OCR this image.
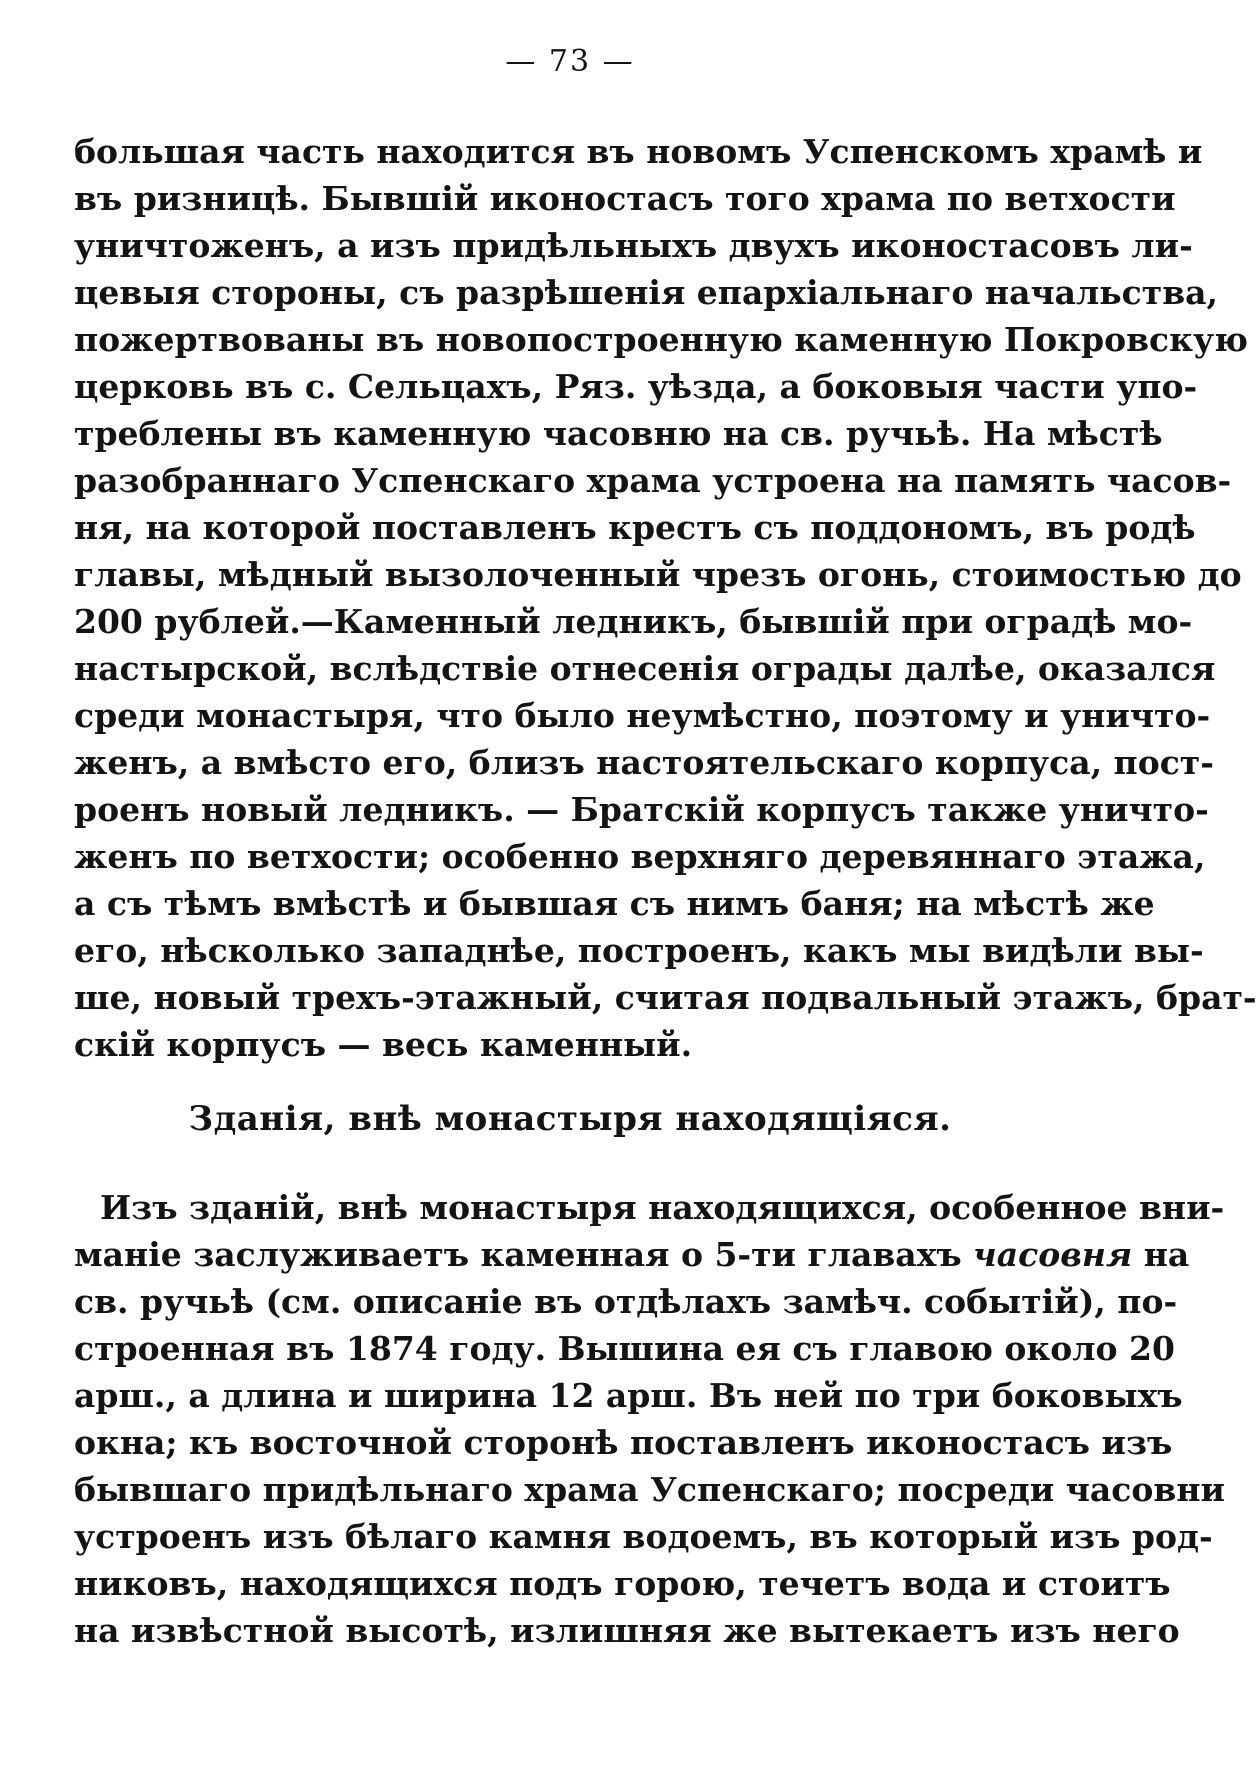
— 73 —
большая часть находится въ новомъ Успенскомъ храмѣ и
въ ризницѣ. Бывшій иконостасъ того храма по ветхости
уничтоженъ, а изъ придѣльныхъ двухъ иконостасовъ ли-
цевыя стороны, съ разрѣшенія епархіальнаго начальства,
пожертвованы въ новопостроенную каменную Покровскую
церковь въ с. Сельцахъ, Ряз. уѣзда, а боковыя части упо-
треблены въ каменную часовню на св. ручьѣ. На мѣстѣ
разобраннаго Успенскаго храма устроена на память часов-
ня, на которой поставленъ крестъ съ поддономъ, въ родѣ
главы, мѣдный вызолоченный чрезъ огонь, стоимостью до
200 рублей.—Каменный ледникъ, бывшій при оградѣ мо-
настырской, вслѣдствіе отнесенія ограды далѣе, оказался
среди монастыря, что было неумѣстно, поэтому и уничто-
женъ, а вмѣсто его, близъ настоятельскаго корпуса, пост-
роенъ новый ледникъ. — Братскій корпусъ также уничто-
женъ по ветхости; особенно верхняго деревяннаго этажа,
а съ тѣмъ вмѣстѣ и бывшая съ нимъ баня; на мѣстѣ же
его, нѣсколько западнѣе, построенъ, какъ мы видѣли вы-
ше, новый трехъ-этажный, считая подвальный этажъ, брат-
скій корпусъ — весь каменный.
Зданія, внѣ монастыря находящіяся.
Изъ зданій, внѣ монастыря находящихся, особенное вни-
маніе заслуживаетъ каменная о 5-ти главахъ часовня на
св. ручьѣ (см. описаніе въ отдѣлахъ замѣч. событій), по-
строенная въ 1874 году. Вышина ея съ главою около 20
арш., а длина и ширина 12 арш. Въ ней по три боковыхъ
окна; къ восточной сторонѣ поставленъ иконостасъ изъ
бывшаго придѣльнаго храма Успенскаго; посреди часовни
устроенъ изъ бѣлаго камня водоемъ, въ который изъ род-
никовъ, находящихся подъ горою, течетъ вода и стоитъ
на извѣстной высотѣ, излишняя же вытекаетъ изъ него
